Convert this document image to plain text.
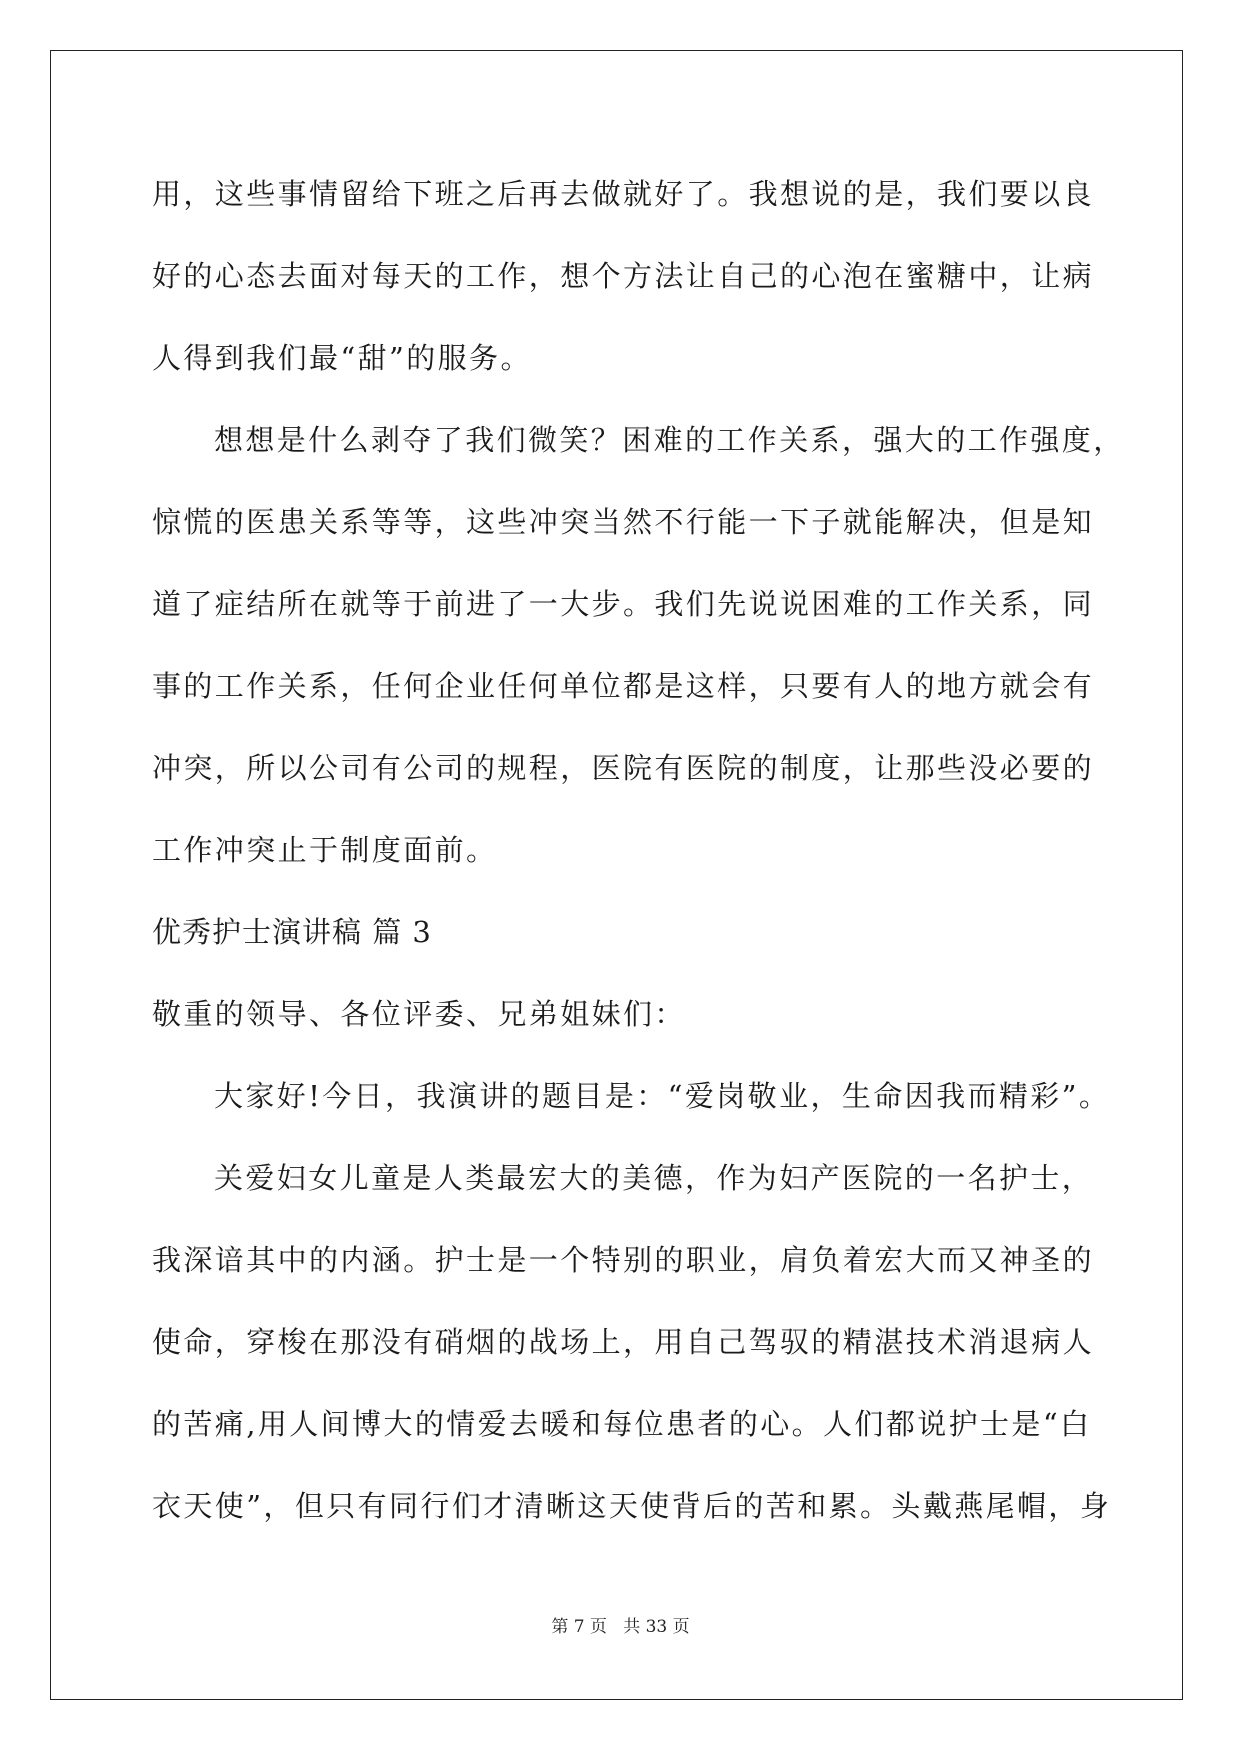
用，这些事情留给下班之后再去做就好了。我想说的是，我们要以良
好的心态去面对每天的工作，想个方法让自己的心泡在蜜糖中，让病
人得到我们最“甜”的服务。
想想是什么剥夺了我们微笑？困难的工作关系，强大的工作强度，
惊慌的医患关系等等，这些冲突当然不行能一下子就能解决，但是知
道了症结所在就等于前进了一大步。我们先说说困难的工作关系，同
事的工作关系，任何企业任何单位都是这样，只要有人的地方就会有
冲突，所以公司有公司的规程，医院有医院的制度，让那些没必要的
工作冲突止于制度面前。
优秀护士演讲稿 篇 3
敬重的领导、各位评委、兄弟姐妹们：
大家好!今日，我演讲的题目是：“爱岗敬业，生命因我而精彩”。
关爱妇女儿童是人类最宏大的美德，作为妇产医院的一名护士，
我深谙其中的内涵。护士是一个特别的职业，肩负着宏大而又神圣的
使命，穿梭在那没有硝烟的战场上，用自己驾驭的精湛技术消退病人
的苦痛,用人间博大的情爱去暖和每位患者的心。人们都说护士是“白
衣天使”，但只有同行们才清晰这天使背后的苦和累。头戴燕尾帽，身
第 7 页   共 33 页
